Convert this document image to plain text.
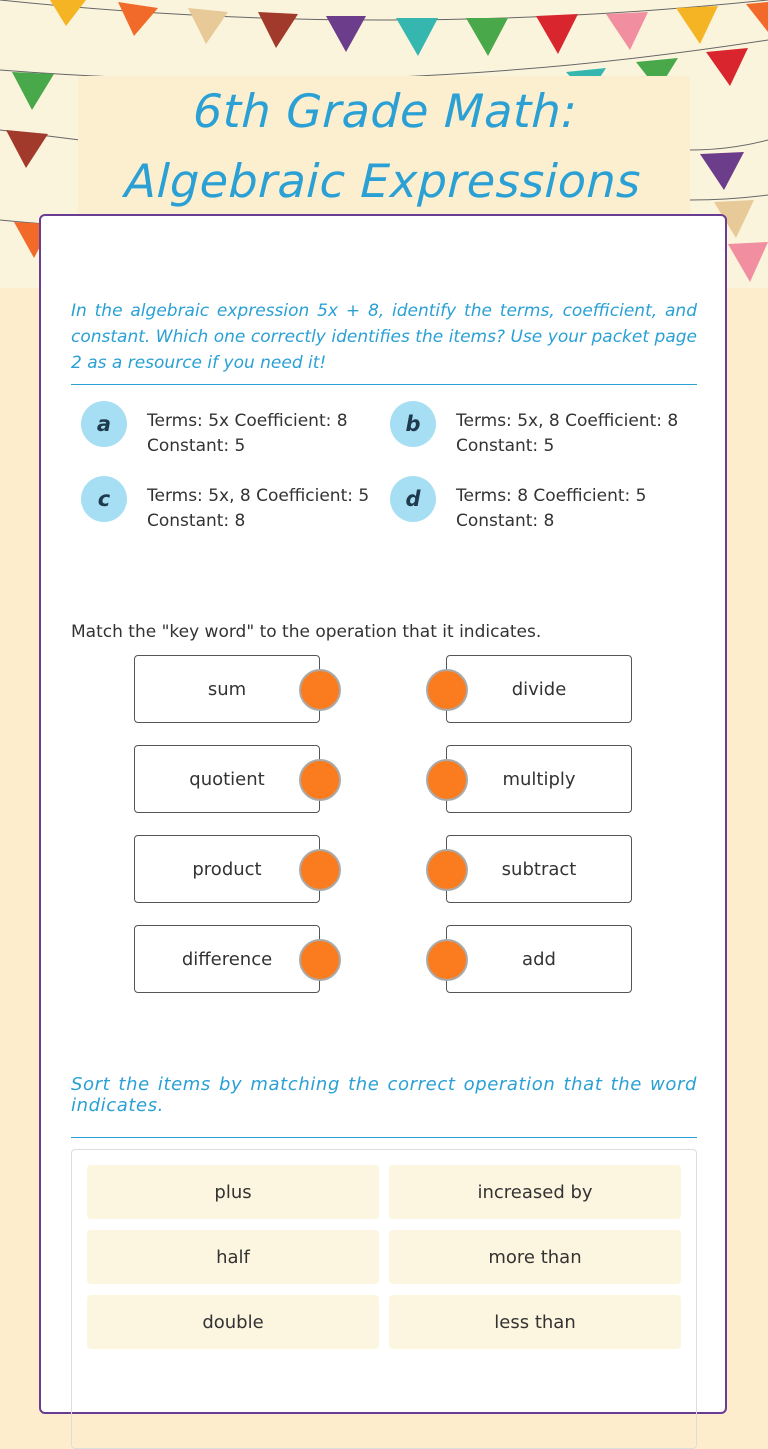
6th Grade Math: Algebraic Expressions
In the algebraic expression 5x + 8, identify the terms, coefficient, and constant. Which one correctly identifies the items? Use your packet page 2 as a resource if you need it!
a	Terms: 5x Coefficient: 8 Constant: 5
b	Terms: 5x, 8 Coefficient: 8 Constant: 5
c	Terms: 5x, 8 Coefficient: 5 Constant: 8
d	Terms: 8 Coefficient: 5 Constant: 8
Match the "key word" to the operation that it indicates.
sum	divide
quotient	multiply
product	subtract
difference	add
Sort the items by matching the correct operation that the word indicates.
plus	increased by
half	more than
double	less than
